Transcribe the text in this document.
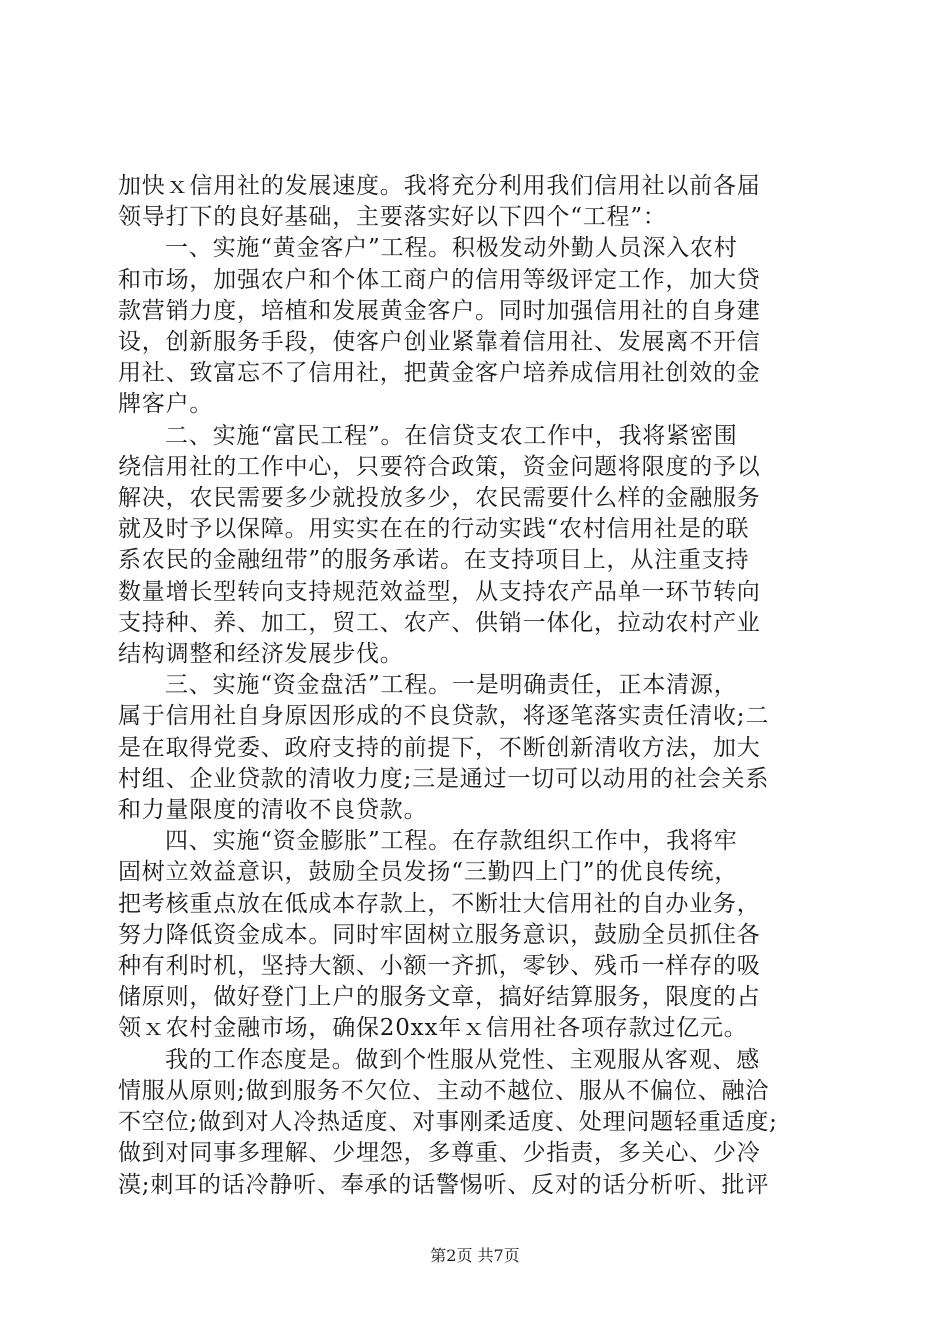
加快ｘ信用社的发展速度。我将充分利用我们信用社以前各届
领导打下的良好基础，主要落实好以下四个“工程”：

一、实施“黄金客户”工程。积极发动外勤人员深入农村

和市场，加强农户和个体工商户的信用等级评定工作，加大贷
款营销力度，培植和发展黄金客户。同时加强信用社的自身建
设，创新服务手段，使客户创业紧靠着信用社、发展离不开信
用社、致富忘不了信用社，把黄金客户培养成信用社创效的金
牌客户。

二、实施“富民工程”。在信贷支农工作中，我将紧密围

绕信用社的工作中心，只要符合政策，资金问题将限度的予以
解决，农民需要多少就投放多少，农民需要什么样的金融服务
就及时予以保障。用实实在在的行动实践“农村信用社是的联
系农民的金融纽带”的服务承诺。在支持项目上，从注重支持
数量增长型转向支持规范效益型，从支持农产品单一环节转向
支持种、养、加工，贸工、农产、供销一体化，拉动农村产业
结构调整和经济发展步伐。

三、实施“资金盘活”工程。一是明确责任，正本清源，

属于信用社自身原因形成的不良贷款，将逐笔落实责任清收;二
是在取得党委、政府支持的前提下，不断创新清收方法，加大
村组、企业贷款的清收力度;三是通过一切可以动用的社会关系
和力量限度的清收不良贷款。

四、实施“资金膨胀”工程。在存款组织工作中，我将牢

固树立效益意识，鼓励全员发扬“三勤四上门”的优良传统，
把考核重点放在低成本存款上，不断壮大信用社的自办业务，
努力降低资金成本。同时牢固树立服务意识，鼓励全员抓住各
种有利时机，坚持大额、小额一齐抓，零钞、残币一样存的吸
储原则，做好登门上户的服务文章，搞好结算服务，限度的占
领ｘ农村金融市场，确保20xx年ｘ信用社各项存款过亿元。

我的工作态度是。做到个性服从党性、主观服从客观、感

情服从原则;做到服务不欠位、主动不越位、服从不偏位、融洽
不空位;做到对人冷热适度、对事刚柔适度、处理问题轻重适度;
做到对同事多理解、少埋怨，多尊重、少指责，多关心、少冷
漠;刺耳的话冷静听、奉承的话警惕听、反对的话分析听、批评

第2页 共7页
